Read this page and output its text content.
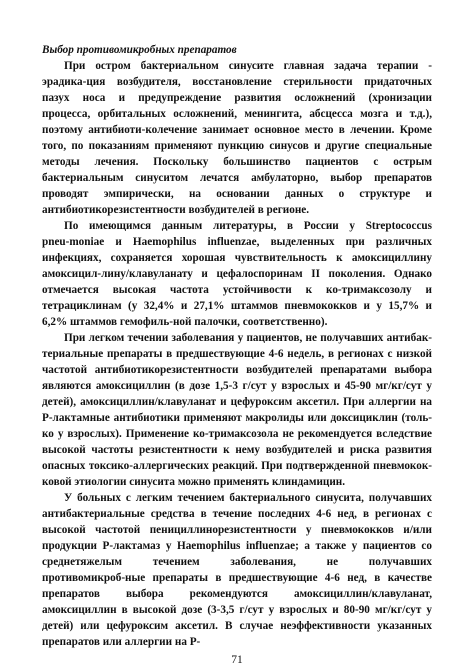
Выбор противомикробных препаратов
При остром бактериальном синусите главная задача терапии -
эрадика-ция возбудителя, восстановление стерильности придаточных
пазух носа и предупреждение развития осложнений (хронизации
процесса, орбитальных осложнений, менингита, абсцесса мозга и т.д.),
поэтому антибиоти-колечение занимает основное место в лечении. Кроме
того, по показаниям применяют пункцию синусов и другие специальные
методы лечения. Поскольку большинство пациентов с острым
бактериальным синуситом лечатся амбулаторно, выбор препаратов
проводят эмпирически, на основании данных о структуре и
антибиотикорезистентности возбудителей в регионе.
По имеющимся данным литературы, в России у Streptococcus
pneu-moniae и Haemophilus influenzae, выделенных при различных
инфекциях, сохраняется хорошая чувствительность к амоксициллину
амоксицил-лину/клавуланату и цефалоспоринам II поколения. Однако
отмечается высокая частота устойчивости к ко-тримаксозолу и
тетрациклинам (у 32,4% и 27,1% штаммов пневмококков и у 15,7% и
6,2% штаммов гемофиль-ной палочки, соответственно).
При легком течении заболевания у пациентов, не получавших антибак-
териальные препараты в предшествующие 4-6 недель, в регионах с низкой
частотой антибиотикорезистентности возбудителей препаратами выбора
являются амоксициллин (в дозе 1,5-3 г/сут у взрослых и 45-90 мг/кг/сут у
детей), амоксициллин/клавуланат и цефуроксим аксетил. При аллергии на
Р-лактамные антибиотики применяют макролиды или доксициклин (толь-
ко у взрослых). Применение ко-тримаксозола не рекомендуется вследствие
высокой частоты резистентности к нему возбудителей и риска развития
опасных токсико-аллергических реакций. При подтвержденной пневмокок-
ковой этиологии синусита можно применять клиндамицин.
У больных с легким течением бактериального синусита, получавших
антибактериальные средства в течение последних 4-6 нед, в регионах с
высокой частотой пенициллинорезистентности у пневмококков и/или
продукции Р-лактамаз у Haemophilus influenzae; а также у пациентов со
среднетяжелым течением заболевания, не получавших
противомикроб-ные препараты в предшествующие 4-6 нед, в качестве
препаратов выбора рекомендуются амоксициллин/клавуланат,
амоксициллин в высокой дозе (3-3,5 г/сут у взрослых и 80-90 мг/кг/сут у
детей) или цефуроксим аксетил. В случае неэффективности указанных
препаратов или аллергии на Р-
71
